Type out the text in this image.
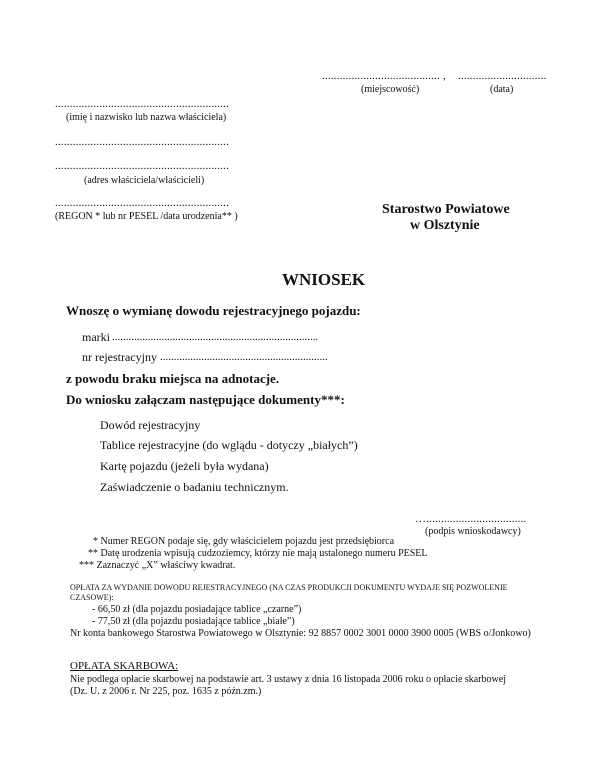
........................................ , ..............................
(miejscowość)	(data)
...........................................................
(imię i nazwisko lub nazwa właściciela)
...........................................................
...........................................................
(adres właściciela/właścicieli)
...........................................................
(REGON * lub nr PESEL /data urodzenia** )	Starostwo Powiatowe
w Olsztynie
WNIOSEK
Wnoszę o wymianę dowodu rejestracyjnego pojazdu:
marki ...........................................................................
nr rejestracyjny .............................................................
z powodu braku miejsca na adnotacje.
Do wniosku załączam następujące dokumenty***:
Dowód rejestracyjny
Tablice rejestracyjne (do wglądu - dotyczy „białych”)
Kartę pojazdu (jeżeli była wydana)
Zaświadczenie o badaniu technicznym.
…..................................
(podpis wnioskodawcy)
* Numer REGON podaje się, gdy właścicielem pojazdu jest przedsiębiorca
** Datę urodzenia wpisują cudzoziemcy, którzy nie mają ustalonego numeru PESEL
*** Zaznaczyć „X” właściwy kwadrat.
OPŁATA ZA WYDANIE DOWODU REJESTRACYJNEGO (NA CZAS PRODUKCJI DOKUMENTU WYDAJE SIĘ POZWOLENIE
CZASOWE):
- 66,50 zł (dla pojazdu posiadające tablice „czarne”)
- 77,50 zł (dla pojazdu posiadające tablice „białe”)
Nr konta bankowego Starostwa Powiatowego w Olsztynie: 92 8857 0002 3001 0000 3900 0005 (WBS o/Jonkowo)
OPŁATA SKARBOWA:
Nie podlega opłacie skarbowej na podstawie art. 3 ustawy z dnia 16 listopada 2006 roku o opłacie skarbowej
(Dz. U. z 2006 r. Nr 225, poz. 1635 z późn.zm.)
